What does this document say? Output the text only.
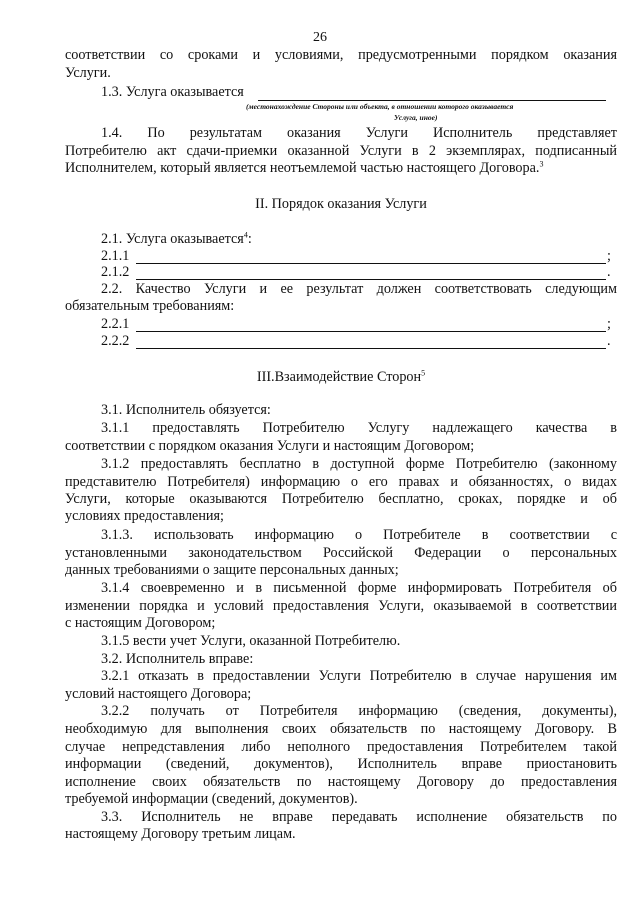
26
соответствии со сроками и условиями, предусмотренными порядком оказания
Услуги.
1.3. Услуга оказывается
(местонахождение Стороны или объекта, в отношении которого оказывается
Услуга, иное)
1.4. По результатам оказания Услуги Исполнитель представляет
Потребителю акт сдачи-приемки оказанной Услуги в 2 экземплярах, подписанный
Исполнителем, который является неотъемлемой частью настоящего Договора.$^3$
II. Порядок оказания Услуги
2.1. Услуга оказывается$^4$:
2.1.1	;
2.1.2	.
2.2. Качество Услуги и ее результат должен соответствовать следующим
обязательным требованиям:
2.2.1	;
2.2.2	.
III.Взаимодействие Сторон$^5$
3.1. Исполнитель обязуется:
3.1.1 предоставлять Потребителю Услугу надлежащего качества в
соответствии с порядком оказания Услуги и настоящим Договором;
3.1.2 предоставлять бесплатно в доступной форме Потребителю (законному
представителю Потребителя) информацию о его правах и обязанностях, о видах
Услуги, которые оказываются Потребителю бесплатно, сроках, порядке и об
условиях предоставления;
3.1.3. использовать информацию о Потребителе в соответствии с
установленными законодательством Российской Федерации о персональных
данных требованиями о защите персональных данных;
3.1.4 своевременно и в письменной форме информировать Потребителя об
изменении порядка и условий предоставления Услуги, оказываемой в соответствии
с настоящим Договором;
3.1.5 вести учет Услуги, оказанной Потребителю.
3.2. Исполнитель вправе:
3.2.1 отказать в предоставлении Услуги Потребителю в случае нарушения им
условий настоящего Договора;
3.2.2 получать от Потребителя информацию (сведения, документы),
необходимую для выполнения своих обязательств по настоящему Договору. В
случае непредставления либо неполного предоставления Потребителем такой
информации (сведений, документов), Исполнитель вправе приостановить
исполнение своих обязательств по настоящему Договору до предоставления
требуемой информации (сведений, документов).
3.3. Исполнитель не вправе передавать исполнение обязательств по
настоящему Договору третьим лицам.
